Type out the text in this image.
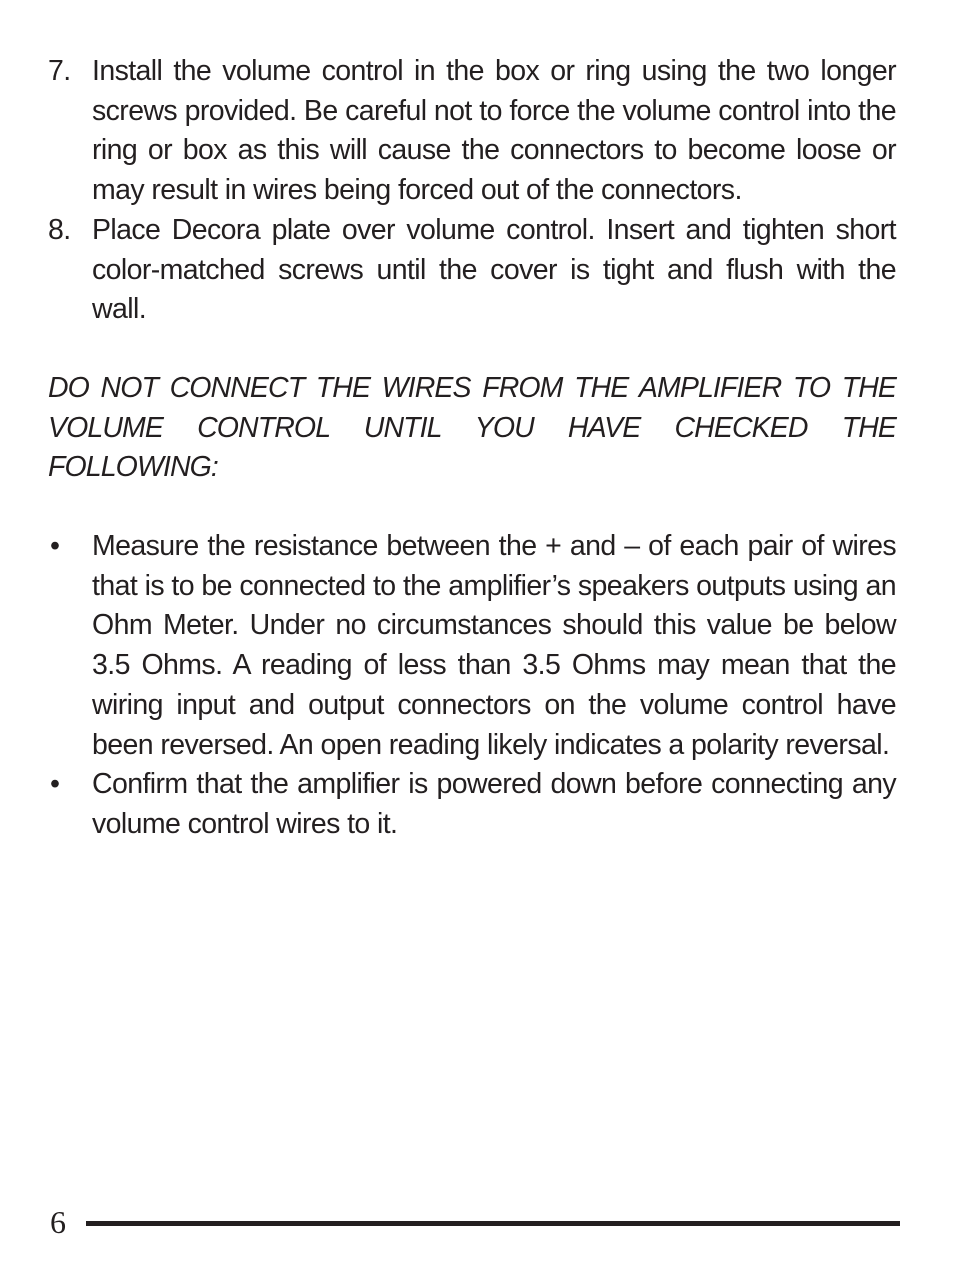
7. Install the volume control in the box or ring using the two longer screws provided. Be careful not to force the volume control into the ring or box as this will cause the connectors to become loose or may result in wires being forced out of the connectors.
8. Place Decora plate over volume control. Insert and tighten short color-matched screws until the cover is tight and flush with the wall.
DO NOT CONNECT THE WIRES FROM THE AMPLIFIER TO THE VOLUME CONTROL UNTIL YOU HAVE CHECKED THE FOLLOWING:
•	Measure the resistance between the + and – of each pair of wires that is to be connected to the amplifier’s speakers outputs using an Ohm Meter. Under no circumstances should this value be below 3.5 Ohms. A reading of less than 3.5 Ohms may mean that the wiring input and output connectors on the volume control have been reversed. An open reading likely indicates a polarity reversal.
•	Confirm that the amplifier is powered down before connecting any volume control wires to it.
6
